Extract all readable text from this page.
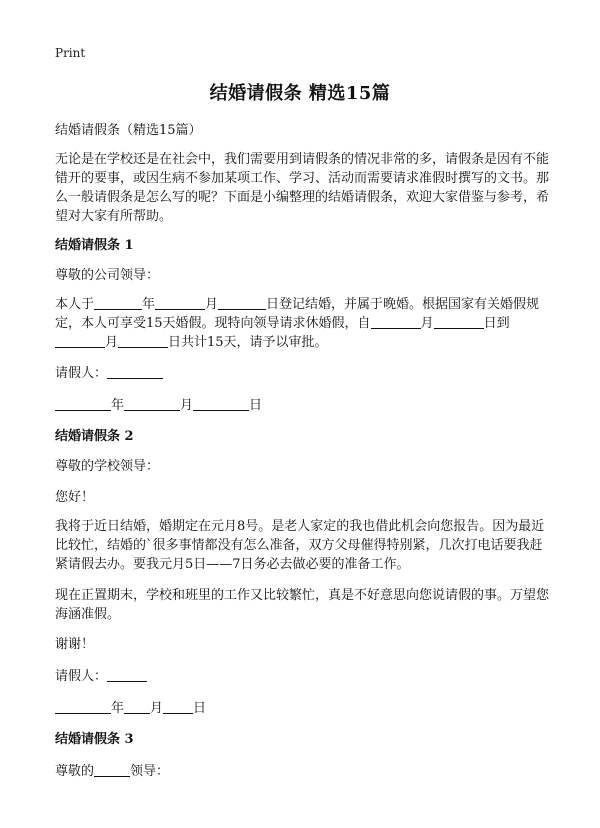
Print
结婚请假条 精选15篇
结婚请假条（精选15篇）
无论是在学校还是在社会中，我们需要用到请假条的情况非常的多，请假条是因有不能错开的要事，或因生病不参加某项工作、学习、活动而需要请求准假时撰写的文书。那么一般请假条是怎么写的呢？下面是小编整理的结婚请假条，欢迎大家借鉴与参考，希望对大家有所帮助。
结婚请假条 1
尊敬的公司领导：
本人于	年	月	日登记结婚，并属于晚婚。根据国家有关婚假规定，本人可享受15天婚假。现特向领导请求休婚假，自	月	日到月	日共计15天，请予以审批。
请假人：
年	月	日
结婚请假条 2
尊敬的学校领导：
您好！
我将于近日结婚，婚期定在元月8号。是老人家定的我也借此机会向您报告。因为最近比较忙，结婚的`很多事情都没有怎么准备，双方父母催得特别紧，几次打电话要我赶紧请假去办。要我元月5日——7日务必去做必要的准备工作。
现在正置期末，学校和班里的工作又比较繁忙，真是不好意思向您说请假的事。万望您海涵准假。
谢谢！
请假人：
年 月 日
结婚请假条 3
尊敬的	领导：
